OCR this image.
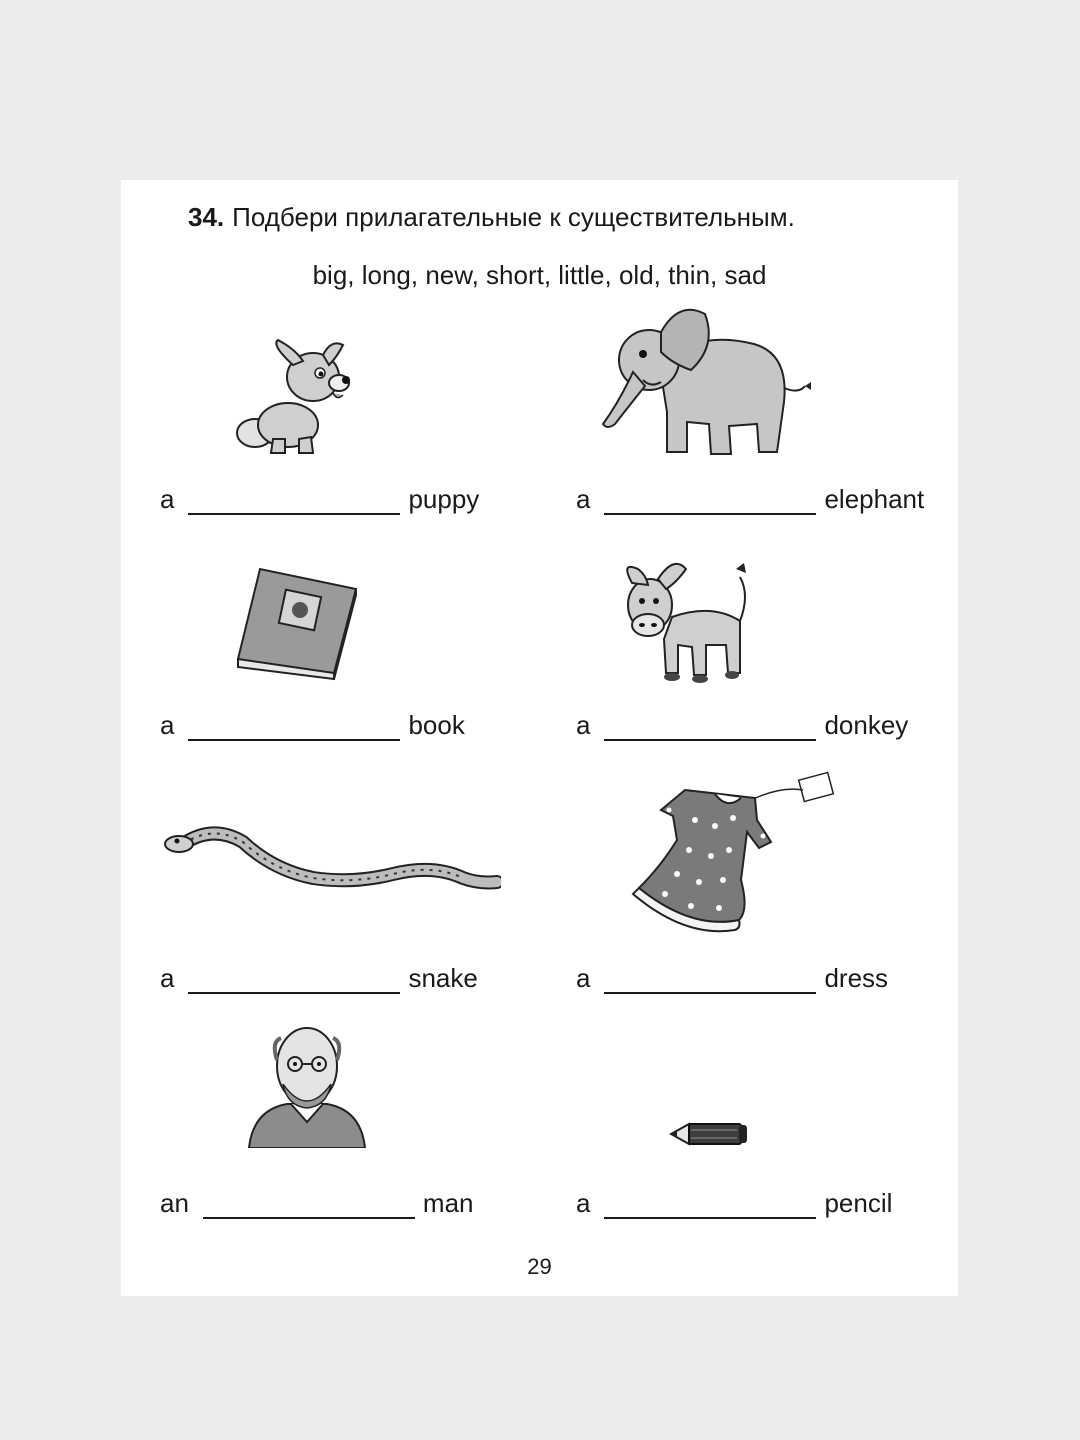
34. Подбери прилагательные к существительным.
big, long, new, short, little, old, thin, sad
a	puppy	a	elephant
a	book	a	donkey
a	snake	a	dress
an	man	a	pencil
29
